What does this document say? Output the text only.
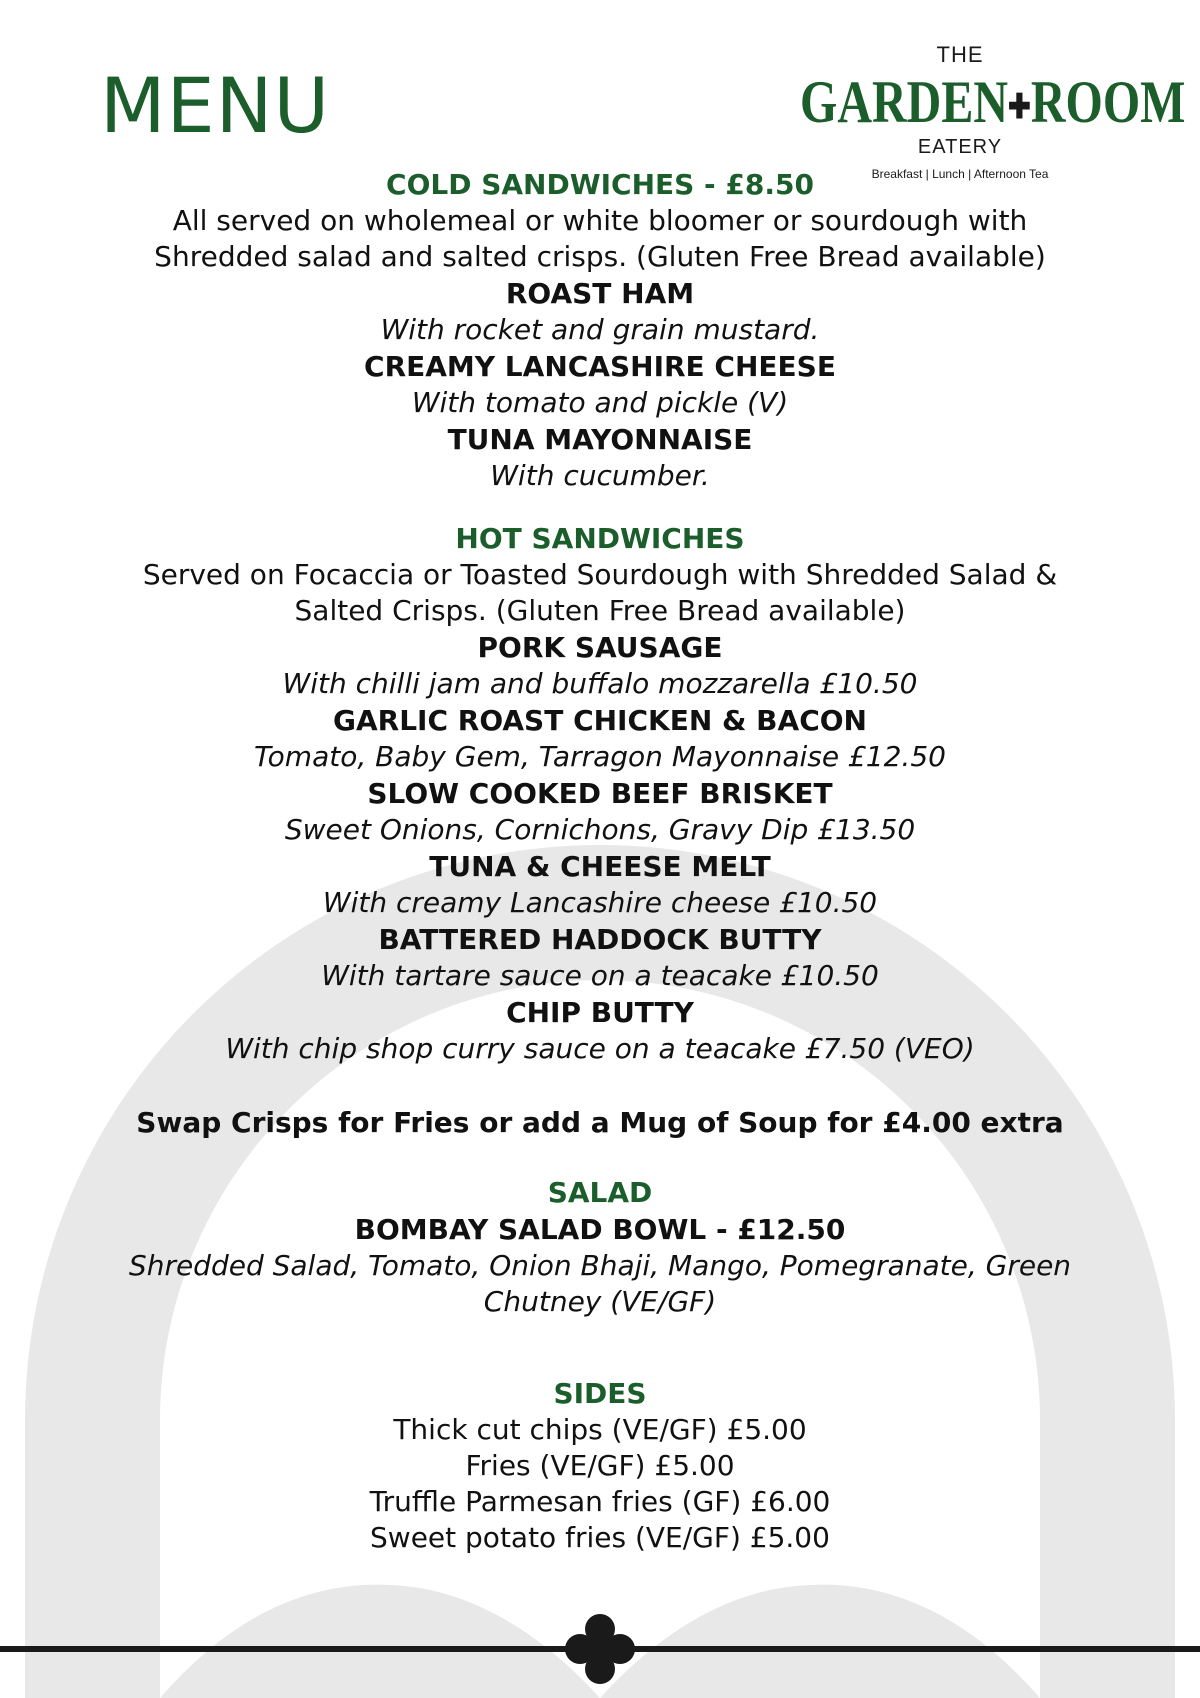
MENU
THE
GARDEN✚ROOM
EATERY
Breakfast | Lunch | Afternoon Tea
COLD SANDWICHES - £8.50
All served on wholemeal or white bloomer or sourdough with
Shredded salad and salted crisps. (Gluten Free Bread available)
ROAST HAM
With rocket and grain mustard.
CREAMY LANCASHIRE CHEESE
With tomato and pickle (V)
TUNA MAYONNAISE
With cucumber.
HOT SANDWICHES
Served on Focaccia or Toasted Sourdough with Shredded Salad &
Salted Crisps. (Gluten Free Bread available)
PORK SAUSAGE
With chilli jam and buffalo mozzarella £10.50
GARLIC ROAST CHICKEN & BACON
Tomato, Baby Gem, Tarragon Mayonnaise £12.50
SLOW COOKED BEEF BRISKET
Sweet Onions, Cornichons, Gravy Dip £13.50
TUNA & CHEESE MELT
With creamy Lancashire cheese £10.50
BATTERED HADDOCK BUTTY
With tartare sauce on a teacake £10.50
CHIP BUTTY
With chip shop curry sauce on a teacake £7.50 (VEO)
Swap Crisps for Fries or add a Mug of Soup for £4.00 extra
SALAD
BOMBAY SALAD BOWL - £12.50
Shredded Salad, Tomato, Onion Bhaji, Mango, Pomegranate, Green
Chutney (VE/GF)
SIDES
Thick cut chips (VE/GF) £5.00
Fries (VE/GF) £5.00
Truffle Parmesan fries (GF) £6.00
Sweet potato fries (VE/GF) £5.00
